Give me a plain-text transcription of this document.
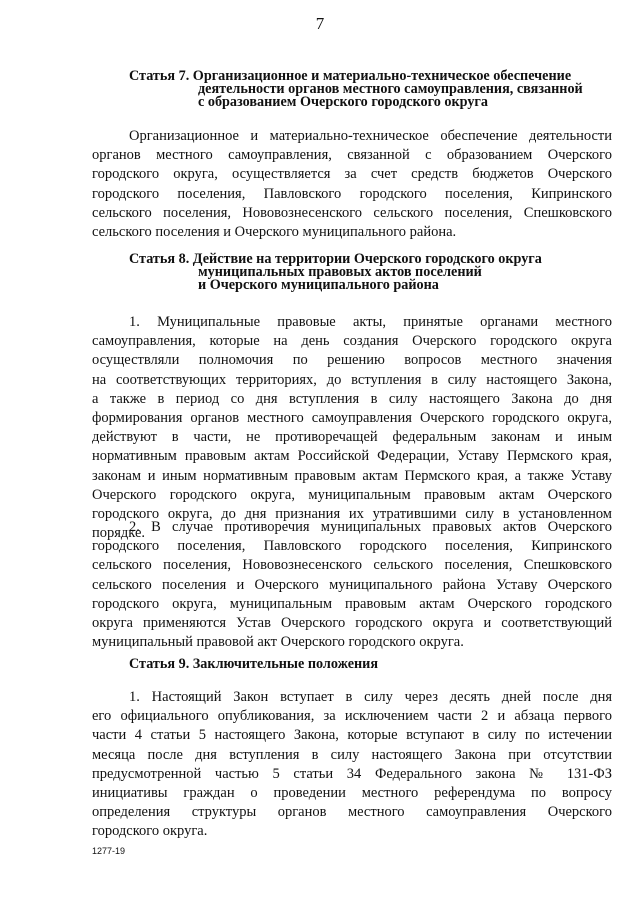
7
Статья 7. Организационное и материально-техническое обеспечение
деятельности органов местного самоуправления, связанной
с образованием Очерского городского округа
Организационное и материально-техническое обеспечение деятельности
органов местного самоуправления, связанной с образованием Очерского
городского округа, осуществляется за счет средств бюджетов Очерского
городского поселения, Павловского городского поселения, Кипринского
сельского поселения, Нововознесенского сельского поселения, Спешковского
сельского поселения и Очерского муниципального района.
Статья 8. Действие на территории Очерского городского округа
муниципальных правовых актов поселений
и Очерского муниципального района
1. Муниципальные правовые акты, принятые органами местного
самоуправления, которые на день создания Очерского городского округа
осуществляли полномочия по решению вопросов местного значения
на соответствующих территориях, до вступления в силу настоящего Закона,
а также в период со дня вступления в силу настоящего Закона до дня
формирования органов местного самоуправления Очерского городского округа,
действуют в части, не противоречащей федеральным законам и иным
нормативным правовым актам Российской Федерации, Уставу Пермского края,
законам и иным нормативным правовым актам Пермского края, а также Уставу
Очерского городского округа, муниципальным правовым актам Очерского
городского округа, до дня признания их утратившими силу в установленном
порядке.
2. В случае противоречия муниципальных правовых актов Очерского
городского поселения, Павловского городского поселения, Кипринского
сельского поселения, Нововознесенского сельского поселения, Спешковского
сельского поселения и Очерского муниципального района Уставу Очерского
городского округа, муниципальным правовым актам Очерского городского
округа применяются Устав Очерского городского округа и соответствующий
муниципальный правовой акт Очерского городского округа.
Статья 9. Заключительные положения
1. Настоящий Закон вступает в силу через десять дней после дня
его официального опубликования, за исключением части 2 и абзаца первого
части 4 статьи 5 настоящего Закона, которые вступают в силу по истечении
месяца после дня вступления в силу настоящего Закона при отсутствии
предусмотренной частью 5 статьи 34 Федерального закона № 131-ФЗ
инициативы граждан о проведении местного референдума по вопросу
определения структуры органов местного самоуправления Очерского
городского округа.
1277-19
